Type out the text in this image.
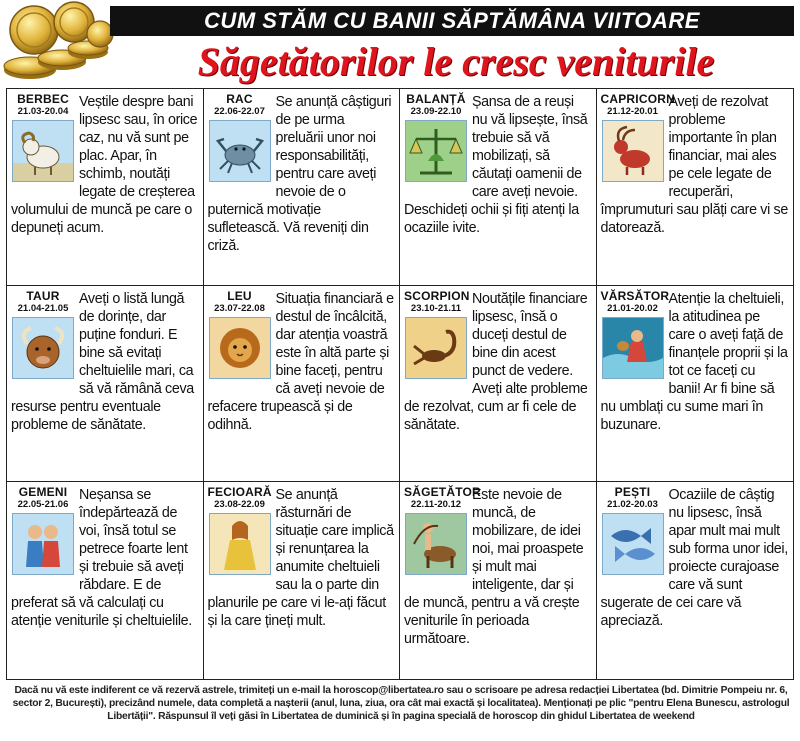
CUM STĂM CU BANII SĂPTĂMÂNA VIITOARE
Săgetătorilor le cresc veniturile
BERBEC
21.03-20.04
Veștile despre bani lipsesc sau, în orice caz, nu vă sunt pe plac. Apar, în schimb, noutăți legate de creșterea volumului de muncă pe care o depuneți acum.
RAC
22.06-22.07
Se anunță câștiguri de pe urma preluării unor noi responsabilități, pentru care aveți nevoie de o puternică motivație sufletească. Vă reveniți din criză.
BALANȚĂ
23.09-22.10
Șansa de a reuși nu vă lipsește, însă trebuie să vă mobilizați, să căutați oamenii de care aveți nevoie. Deschideți ochii și fiți atenți la ocaziile ivite.
CAPRICORN
21.12-20.01
Aveți de rezolvat probleme importante în plan financiar, mai ales pe cele legate de recuperări, împrumuturi sau plăți care vi se datorează.
TAUR
21.04-21.05
Aveți o listă lungă de dorințe, dar puține fonduri. E bine să evitați cheltuielile mari, ca să vă rămână ceva resurse pentru eventuale probleme de sănătate.
LEU
23.07-22.08
Situația financiară e destul de încâlcită, dar atenția voastră este în altă parte și bine faceți, pentru că aveți nevoie de refacere trupească și de odihnă.
SCORPION
23.10-21.11
Noutățile financiare lipsesc, însă o duceți destul de bine din acest punct de vedere. Aveți alte probleme de rezolvat, cum ar fi cele de sănătate.
VĂRSĂTOR
21.01-20.02
Atenție la cheltuieli, la atitudinea pe care o aveți față de finanțele proprii și la tot ce faceți cu banii! Ar fi bine să nu umblați cu sume mari în buzunare.
GEMENI
22.05-21.06
Neșansa se îndepărtează de voi, însă totul se petrece foarte lent și trebuie să aveți răbdare. E de preferat să vă calculați cu atenție veniturile și cheltuielile.
FECIOARĂ
23.08-22.09
Se anunță răsturnări de situație care implică și renunțarea la anumite cheltuieli sau la o parte din planurile pe care vi le-ați făcut și la care țineți mult.
SĂGETĂTOR
22.11-20.12
Este nevoie de muncă, de mobilizare, de idei noi, mai proaspete și mult mai inteligente, dar și de muncă, pentru a vă crește veniturile în perioada următoare.
PEȘTI
21.02-20.03
Ocaziile de câștig nu lipsesc, însă apar mult mai mult sub forma unor idei, proiecte curajoase care vă sunt sugerate de cei care vă apreciază.
Dacă nu vă este indiferent ce vă rezervă astrele, trimiteți un e-mail la horoscop@libertatea.ro sau o scrisoare pe adresa redacției Libertatea (bd. Dimitrie Pompeiu nr. 6, sector 2, București), precizând numele, data completă a nașterii (anul, luna, ziua, ora cât mai exactă și localitatea). Menționați pe plic "pentru Elena Bunescu, astrologul Libertății". Răspunsul îl veți găsi în Libertatea de duminică și în pagina specială de horoscop din ghidul Libertatea de weekend
